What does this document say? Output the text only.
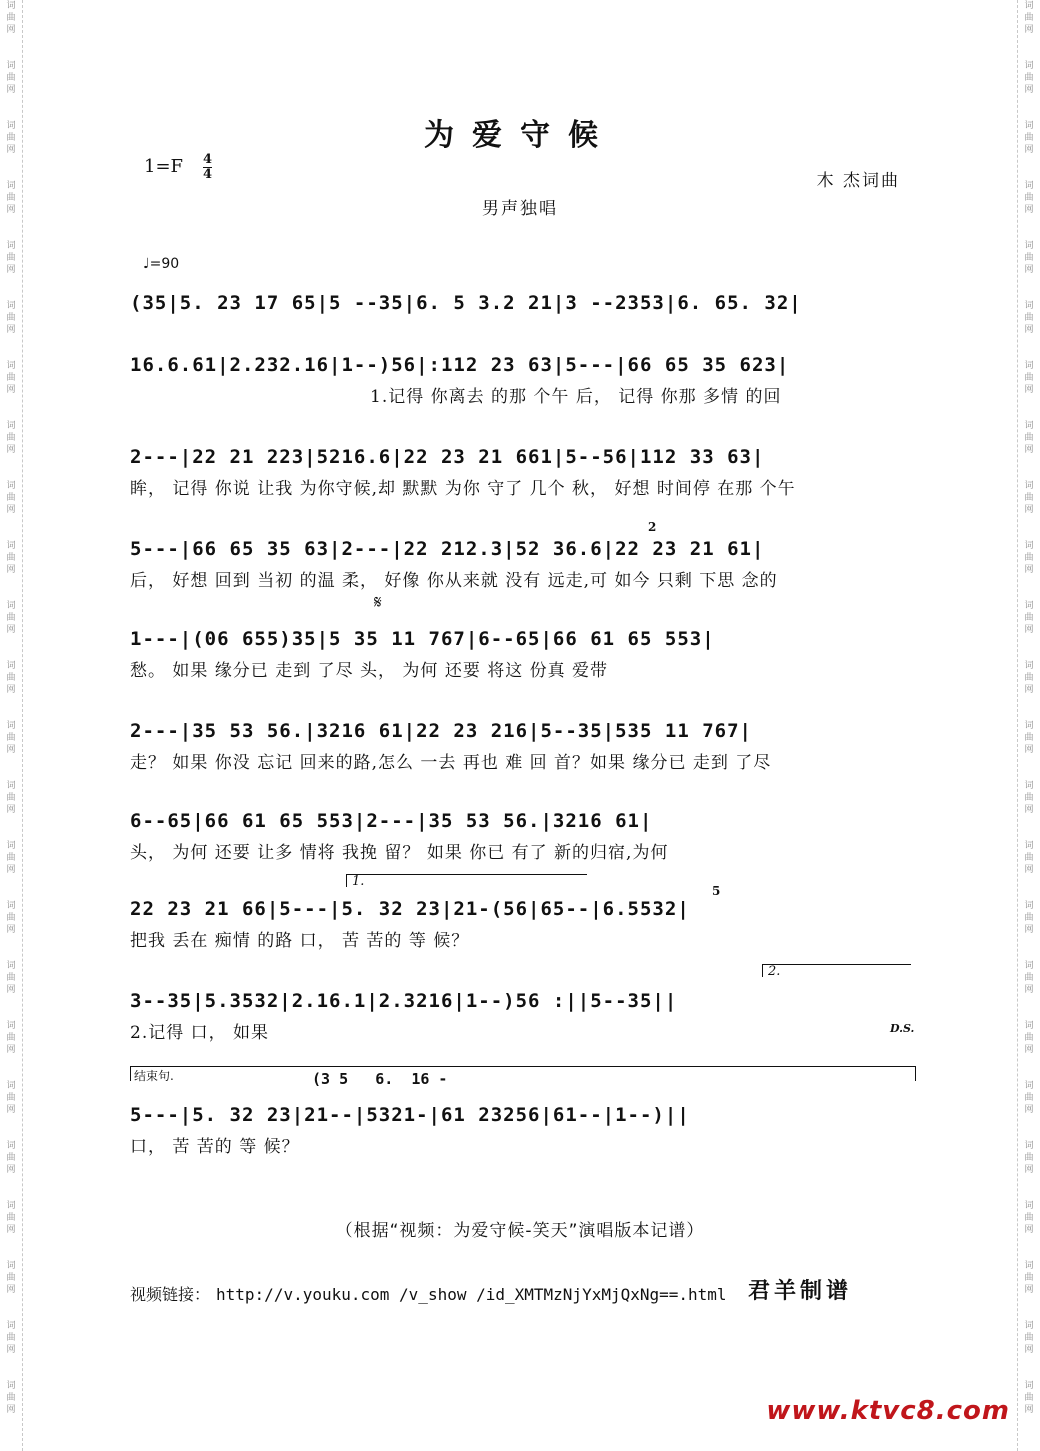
词
曲
网
词
曲
网
词
曲
网
词
曲
网
词
曲
网
词
曲
网
词
曲
网
词
曲
网
词
曲
网
词
曲
网
词
曲
网
词
曲
网
词
曲
网
词
曲
网
词
曲
网
词
曲
网
词
曲
网
词
曲
网
词
曲
网
词
曲
网
词
曲
网
词
曲
网
词
曲
网
词
曲
网
词
曲
网
词
曲
网
词
曲
网
词
曲
网
词
曲
网
词
曲
网
词
曲
网
词
曲
网
词
曲
网
词
曲
网
词
曲
网
词
曲
网
词
曲
网
词
曲
网
词
曲
网
词
曲
网
词
曲
网
词
曲
网
词
曲
网
词
曲
网
词
曲
网
词
曲
网
词
曲
网
词
曲
网
为爱守候
1=F 4
4	木 杰词曲
男声独唱
♩=90
(35|5. 23 17 65|5 --35|6. 5 3.2 21|3 --2353|6. 65. 32|
16.6.61|2.232.16|1--)56|:112 23 63|5---|66 65 35 623|
1.记得 你离去 的那 个午 后， 记得 你那 多情 的回
2---|22 21 223|5216.6|22 23 21 661|5--56|112 33 63|
眸， 记得 你说 让我 为你守候,却 默默 为你 守了 几个 秋， 好想 时间停 在那 个午
5---|66 65 35 63|2---|22 212.3|52 36.6|22 23 21 61|
后， 好想 回到 当初 的温 柔， 好像 你从来就 没有 远走,可 如今 只剩 下思 念的
𝄋
1---|(06 655)35|5 35 11 767|6--65|66 61 65 553|
愁。 如果 缘分已 走到 了尽 头， 为何 还要 将这 份真 爱带
2---|35 53 56.|3216 61|22 23 216|5--35|535 11 767|
走？ 如果 你没 忘记 回来的路,怎么 一去 再也 难 回 首？如果 缘分已 走到 了尽
6--65|66 61 65 553|2---|35 53 56.|3216 61|
头， 为何 还要 让多 情将 我挽 留？ 如果 你已 有了 新的归宿,为何
1.
2
5
22 23 21 66|5---|5. 32 23|21-(56|65--|6.5532|
把我 丢在 痴情 的路 口， 苦 苦的 等 候？
2.
3--35|5.3532|2.16.1|2.3216|1--)56 :||5--35||
2.记得 口， 如果	D.S.
结束句.	(3 5   6.  16 -
5---|5. 32 23|21--|5321-|61 23256|61--|1--)||
口， 苦 苦的 等 候？
（根据“视频：为爱守候-笑天”演唱版本记谱）
视频链接： http://v.youku.com /v_show /id_XMTMzNjYxMjQxNg==.html 君羊制谱
www.ktvc8.com
